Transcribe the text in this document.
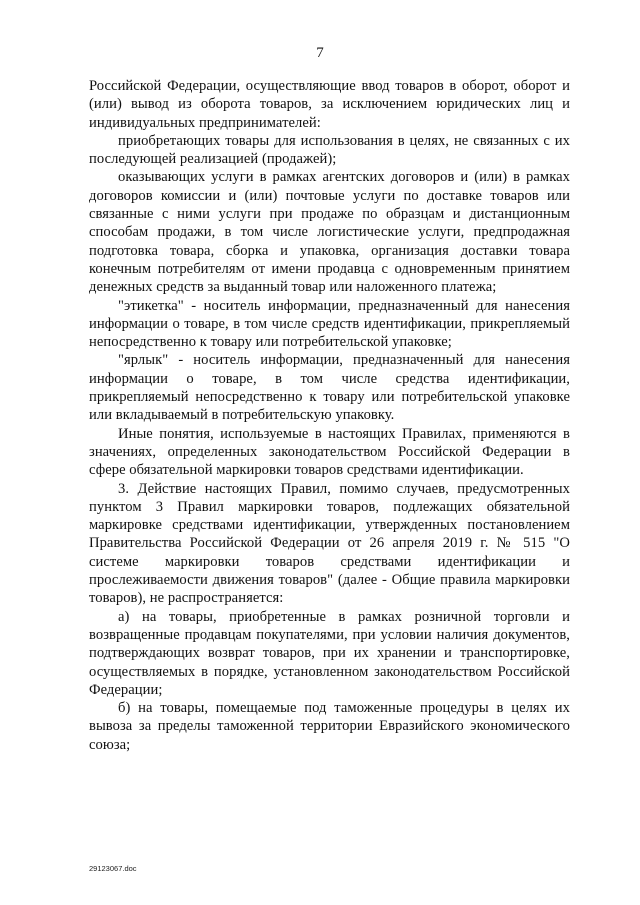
7

Российской Федерации, осуществляющие ввод товаров в оборот, оборот и (или) вывод из оборота товаров, за исключением юридических лиц и индивидуальных предпринимателей:

приобретающих товары для использования в целях, не связанных с их последующей реализацией (продажей);

оказывающих услуги в рамках агентских договоров и (или) в рамках договоров комиссии и (или) почтовые услуги по доставке товаров или связанные с ними услуги при продаже по образцам и дистанционным способам продажи, в том числе логистические услуги, предпродажная подготовка товара, сборка и упаковка, организация доставки товара конечным потребителям от имени продавца с одновременным принятием денежных средств за выданный товар или наложенного платежа;

"этикетка" - носитель информации, предназначенный для нанесения информации о товаре, в том числе средств идентификации, прикрепляемый непосредственно к товару или потребительской упаковке;

"ярлык" - носитель информации, предназначенный для нанесения информации о товаре, в том числе средства идентификации, прикрепляемый непосредственно к товару или потребительской упаковке или вкладываемый в потребительскую упаковку.

Иные понятия, используемые в настоящих Правилах, применяются в значениях, определенных законодательством Российской Федерации в сфере обязательной маркировки товаров средствами идентификации.

3. Действие настоящих Правил, помимо случаев, предусмотренных пунктом 3 Правил маркировки товаров, подлежащих обязательной маркировке средствами идентификации, утвержденных постановлением Правительства Российской Федерации от 26 апреля 2019 г. № 515 "О системе маркировки товаров средствами идентификации и прослеживаемости движения товаров" (далее - Общие правила маркировки товаров), не распространяется:

а) на товары, приобретенные в рамках розничной торговли и возвращенные продавцам покупателями, при условии наличия документов, подтверждающих возврат товаров, при их хранении и транспортировке, осуществляемых в порядке, установленном законодательством Российской Федерации;

б) на товары, помещаемые под таможенные процедуры в целях их вывоза за пределы таможенной территории Евразийского экономического союза;

29123067.doc
